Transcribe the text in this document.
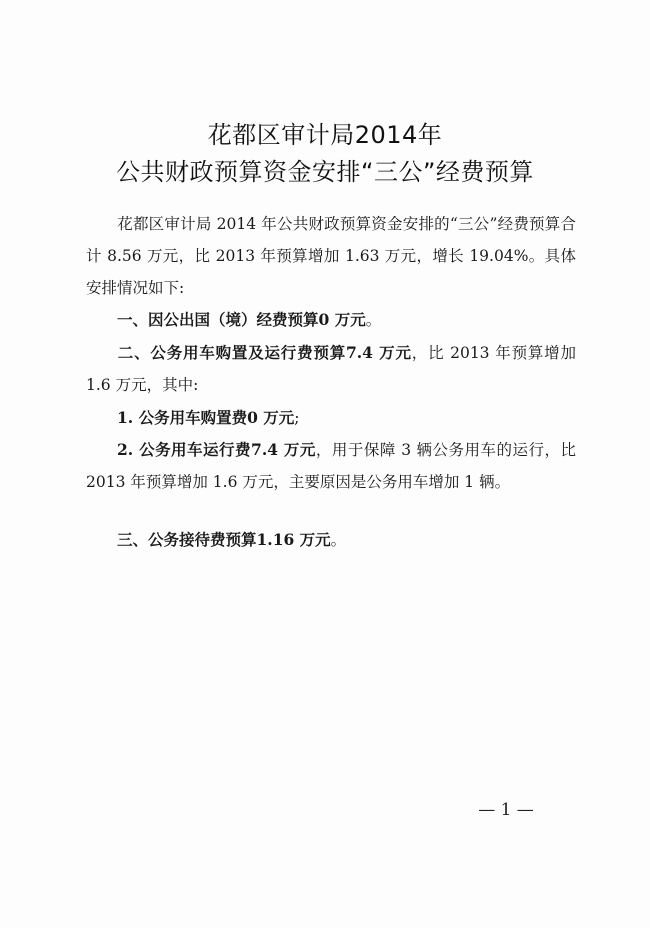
花都区审计局2014年
公共财政预算资金安排“三公”经费预算
花都区审计局 2014 年公共财政预算资金安排的“三公”经费预算合计 8.56 万元，比 2013 年预算增加 1.63 万元，增长 19.04%。具体安排情况如下:
一、因公出国（境）经费预算0 万元。
二、公务用车购置及运行费预算7.4 万元，比 2013 年预算增加 1.6 万元，其中:
1. 公务用车购置费0 万元;
2. 公务用车运行费7.4 万元，用于保障 3 辆公务用车的运行，比 2013 年预算增加 1.6 万元，主要原因是公务用车增加 1 辆。
三、公务接待费预算1.16 万元。
— 1 —
